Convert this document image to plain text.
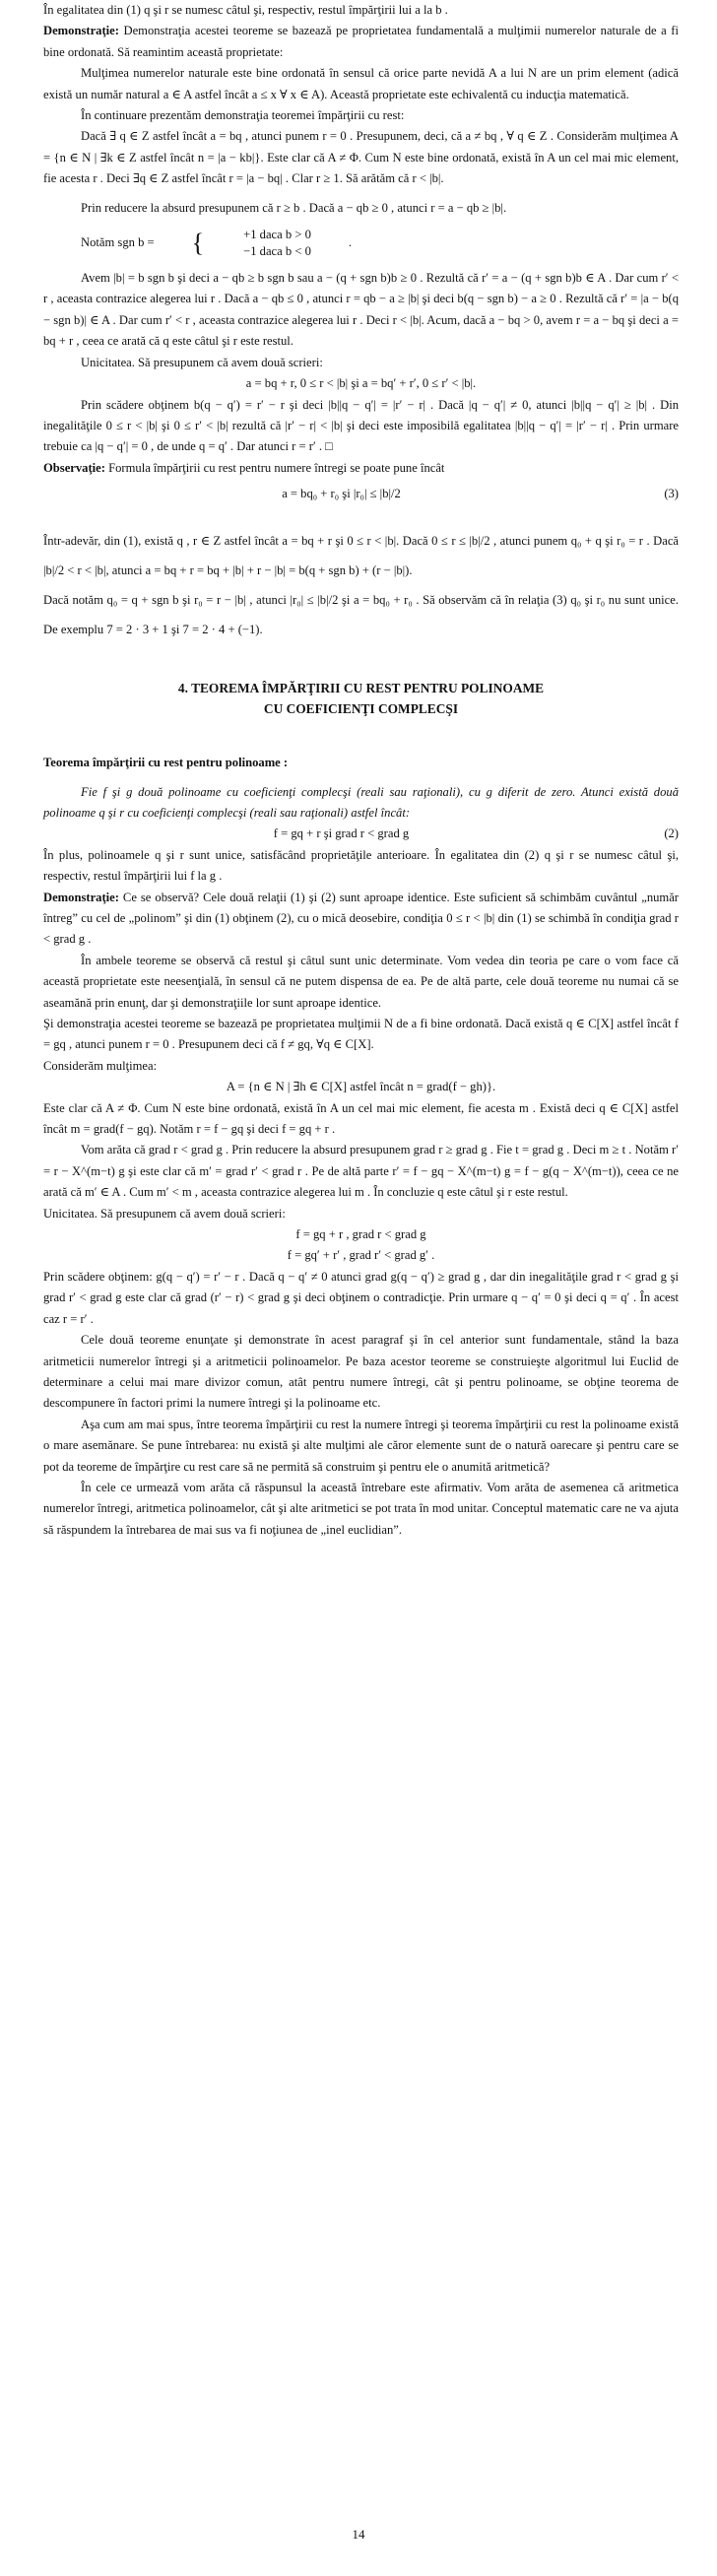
În egalitatea din (1) q şi r se numesc câtul şi, respectiv, restul împărţirii lui a la b .

Demonstraţie: Demonstraţia acestei teoreme se bazează pe proprietatea fundamentală a mulţimii numerelor naturale de a fi bine ordonată. Să reamintim această proprietate:

Mulţimea numerelor naturale este bine ordonată în sensul că orice parte nevidă A a lui N are un prim element (adică există un număr natural a ∈ A astfel încât a ≤ x ∀ x ∈ A). Această proprietate este echivalentă cu inducţia matematică.

În continuare prezentăm demonstraţia teoremei împărţirii cu rest:

Dacă ∃ q ∈ Z astfel încât a = bq , atunci punem r = 0 . Presupunem, deci, că a ≠ bq , ∀ q ∈ Z . Considerăm mulţimea A = {n ∈ N | ∃k ∈ Z astfel încât n = |a − kb|}. Este clar că A ≠ Φ. Cum N este bine ordonată, există în A un cel mai mic element, fie acesta r . Deci ∃q ∈ Z astfel încât r = |a − bq| . Clar r ≥ 1. Să arătăm că r < |b|.

Prin reducere la absurd presupunem că r ≥ b . Dacă a − qb ≥ 0 , atunci r = a − qb ≥ |b|.

Notăm sgn b =	{	+1 daca b > 0
−1 daca b < 0
.

Avem |b| = b sgn b şi deci a − qb ≥ b sgn b sau a − (q + sgn b)b ≥ 0 . Rezultă că r′ = a − (q + sgn b)b ∈ A . Dar cum r′ < r , aceasta contrazice alegerea lui r . Dacă a − qb ≤ 0 , atunci r = qb − a ≥ |b| şi deci b(q − sgn b) − a ≥ 0 . Rezultă că r′ = |a − b(q − sgn b)| ∈ A . Dar cum r′ < r , aceasta contrazice alegerea lui r . Deci r < |b|. Acum, dacă a − bq > 0, avem r = a − bq şi deci a = bq + r , ceea ce arată că q este câtul şi r este restul.

Unicitatea. Să presupunem că avem două scrieri:

a = bq + r, 0 ≤ r < |b| şi a = bq′ + r′, 0 ≤ r′ < |b|.

Prin scădere obţinem b(q − q′) = r′ − r şi deci |b||q − q′| = |r′ − r| . Dacă |q − q′| ≠ 0, atunci |b||q − q′| ≥ |b| . Din inegalităţile 0 ≤ r < |b| şi 0 ≤ r′ < |b| rezultă că |r′ − r| < |b| şi deci este imposibilă egalitatea |b||q − q′| = |r′ − r| . Prin urmare trebuie ca |q − q′| = 0 , de unde q = q′ . Dar atunci r = r′ . □

Observaţie: Formula împărţirii cu rest pentru numere întregi se poate pune încât

a = bq₀ + r₀ şi |r₀| ≤ |b|/2	(3)

Într-adevăr, din (1), există q , r ∈ Z astfel încât a = bq + r şi 0 ≤ r < |b|. Dacă 0 ≤ r ≤ |b|/2 , atunci punem q₀ + q şi r₀ = r . Dacă |b|/2 < r < |b|, atunci a = bq + r = bq + |b| + r − |b| = b(q + sgn b) + (r − |b|).

Dacă notăm q₀ = q + sgn b şi r₀ = r − |b| , atunci |r₀| ≤ |b|/2 şi a = bq₀ + r₀ . Să observăm că în relaţia (3) q₀ şi r₀ nu sunt unice. De exemplu 7 = 2 · 3 + 1 şi 7 = 2 · 4 + (−1).

4. TEOREMA ÎMPĂRŢIRII CU REST PENTRU POLINOAME
CU COEFICIENŢI COMPLECŞI

Teorema împărţirii cu rest pentru polinoame :

Fie f şi g două polinoame cu coeficienţi complecşi (reali sau raţionali), cu g diferit de zero. Atunci există două polinoame q şi r cu coeficienţi complecşi (reali sau raţionali) astfel încât:

f = gq + r şi grad r < grad g	(2)

În plus, polinoamele q şi r sunt unice, satisfăcând proprietăţile anterioare. În egalitatea din (2) q şi r se numesc câtul şi, respectiv, restul împărţirii lui f la g .

Demonstraţie: Ce se observă? Cele două relaţii (1) şi (2) sunt aproape identice. Este suficient să schimbăm cuvântul „număr întreg” cu cel de „polinom” şi din (1) obţinem (2), cu o mică deosebire, condiţia 0 ≤ r < |b| din (1) se schimbă în condiţia grad r < grad g .

În ambele teoreme se observă că restul şi câtul sunt unic determinate. Vom vedea din teoria pe care o vom face că această proprietate este neesenţială, în sensul că ne putem dispensa de ea. Pe de altă parte, cele două teoreme nu numai că se aseamănă prin enunţ, dar şi demonstraţiile lor sunt aproape identice.

Şi demonstraţia acestei teoreme se bazează pe proprietatea mulţimii N de a fi bine ordonată. Dacă există q ∈ C[X] astfel încât f = gq , atunci punem r = 0 . Presupunem deci că f ≠ gq, ∀q ∈ C[X].

Considerăm mulţimea:

A = {n ∈ N | ∃h ∈ C[X] astfel încât n = grad(f − gh)}.

Este clar că A ≠ Φ. Cum N este bine ordonată, există în A un cel mai mic element, fie acesta m . Există deci q ∈ C[X] astfel încât m = grad(f − gq). Notăm r = f − gq şi deci f = gq + r .

Vom arăta că grad r < grad g . Prin reducere la absurd presupunem grad r ≥ grad g . Fie t = grad g . Deci m ≥ t . Notăm r′ = r − X^(m−t) g şi este clar că m′ = grad r′ < grad r . Pe de altă parte r′ = f − gq − X^(m−t) g = f − g(q − X^(m−t)), ceea ce ne arată că m′ ∈ A . Cum m′ < m , aceasta contrazice alegerea lui m . În concluzie q este câtul şi r este restul.

Unicitatea. Să presupunem că avem două scrieri:

f = gq + r , grad r < grad g

f = gq′ + r′ , grad r′ < grad g′ .

Prin scădere obţinem: g(q − q′) = r′ − r . Dacă q − q′ ≠ 0 atunci grad g(q − q′) ≥ grad g , dar din inegalităţile grad r < grad g şi grad r′ < grad g este clar că grad (r′ − r) < grad g şi deci obţinem o contradicţie. Prin urmare q − q′ = 0 şi deci q = q′ . În acest caz r = r′ .

Cele două teoreme enunţate şi demonstrate în acest paragraf şi în cel anterior sunt fundamentale, stând la baza aritmeticii numerelor întregi şi a aritmeticii polinoamelor. Pe baza acestor teoreme se construieşte algoritmul lui Euclid de determinare a celui mai mare divizor comun, atât pentru numere întregi, cât şi pentru polinoame, se obţine teorema de descompunere în factori primi la numere întregi şi la polinoame etc.

Aşa cum am mai spus, între teorema împărţirii cu rest la numere întregi şi teorema împărţirii cu rest la polinoame există o mare asemănare. Se pune întrebarea: nu există şi alte mulţimi ale căror elemente sunt de o natură oarecare şi pentru care se pot da teoreme de împărţire cu rest care să ne permită să construim şi pentru ele o anumită aritmetică?

În cele ce urmează vom arăta că răspunsul la această întrebare este afirmativ. Vom arăta de asemenea că aritmetica numerelor întregi, aritmetica polinoamelor, cât şi alte aritmetici se pot trata în mod unitar. Conceptul matematic care ne va ajuta să răspundem la întrebarea de mai sus va fi noţiunea de „inel euclidian”.

14
